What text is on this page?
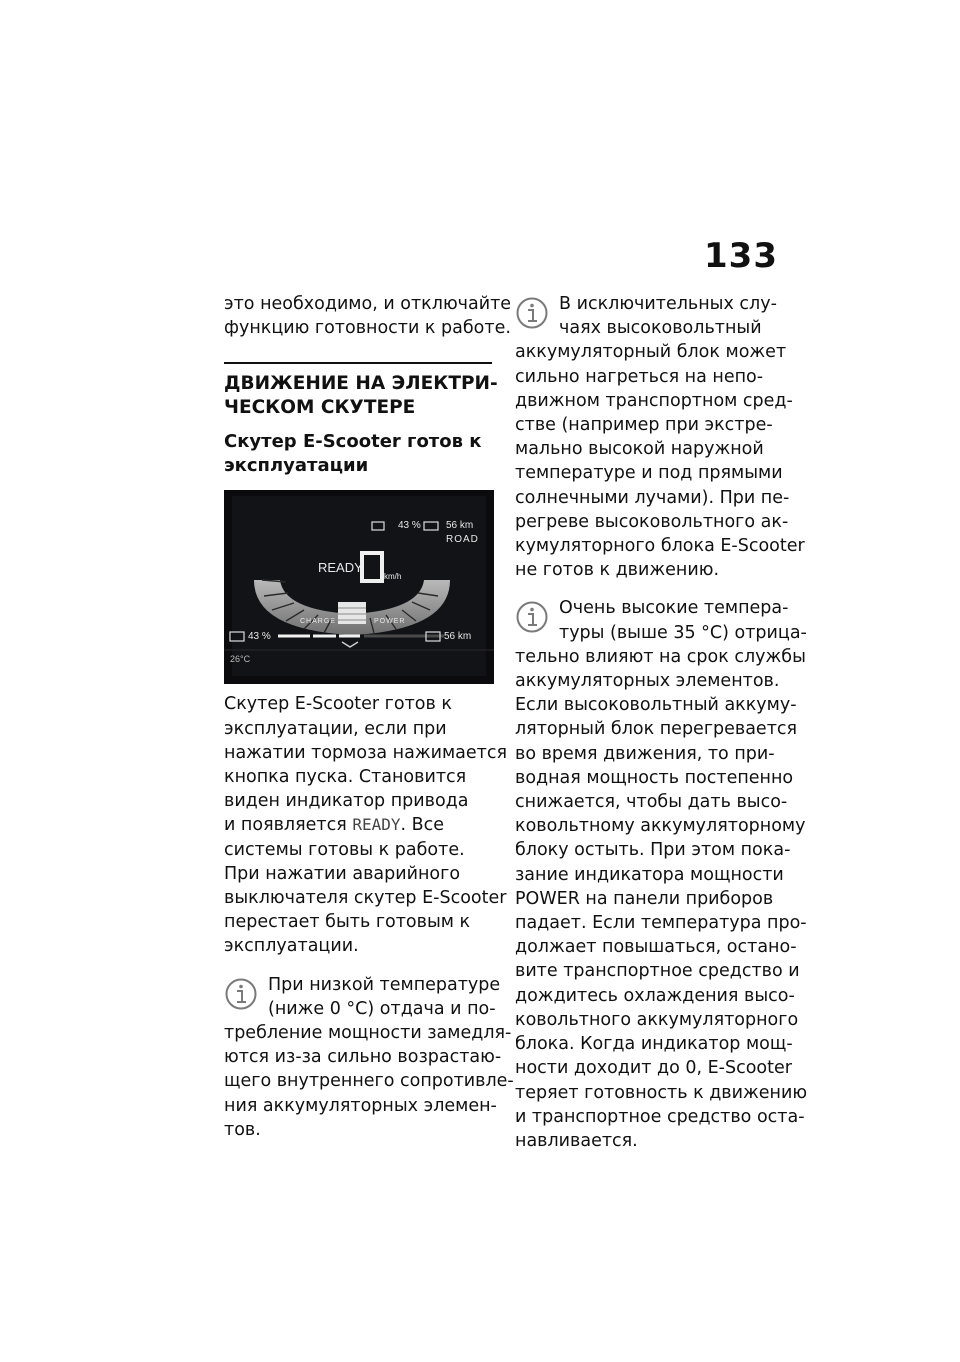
133
это необходимо, и отключайте
функцию готовности к работе.
ДВИЖЕНИЕ НА ЭЛЕКТРИ-
ЧЕСКОМ СКУТЕРЕ
Скутер E-Scooter готов к
эксплуатации
43 %	56 km
ROAD
READY
km/h
CHARGE	POWER
43 %	56 km
26°C
Скутер E-Scooter готов к
эксплуатации, если при
нажатии тормоза нажимается
кнопка пуска. Становится
виден индикатор привода
и появляется READY. Все
системы готовы к работе.
При нажатии аварийного
выключателя скутер E-Scooter
перестает быть готовым к
эксплуатации.
При низкой температуре
(ниже 0 °C) отдача и по-
требление мощности замедля-
ются из-за сильно возрастаю-
щего внутреннего сопротивле-
ния аккумуляторных элемен-
тов.
В исключительных слу-
чаях высоковольтный
аккумуляторный блок может
сильно нагреться на непо-
движном транспортном сред-
стве (например при экстре-
мально высокой наружной
температуре и под прямыми
солнечными лучами). При пе-
регреве высоковольтного ак-
кумуляторного блока E-Scooter
не готов к движению.
Очень высокие темпера-
туры (выше 35 °C) отрица-
тельно влияют на срок службы
аккумуляторных элементов.
Если высоковольтный аккуму-
ляторный блок перегревается
во время движения, то при-
водная мощность постепенно
снижается, чтобы дать высо-
ковольтному аккумуляторному
блоку остыть. При этом пока-
зание индикатора мощности
POWER на панели приборов
падает. Если температура про-
должает повышаться, остано-
вите транспортное средство и
дождитесь охлаждения высо-
ковольтного аккумуляторного
блока. Когда индикатор мощ-
ности доходит до 0, E-Scooter
теряет готовность к движению
и транспортное средство оста-
навливается.
